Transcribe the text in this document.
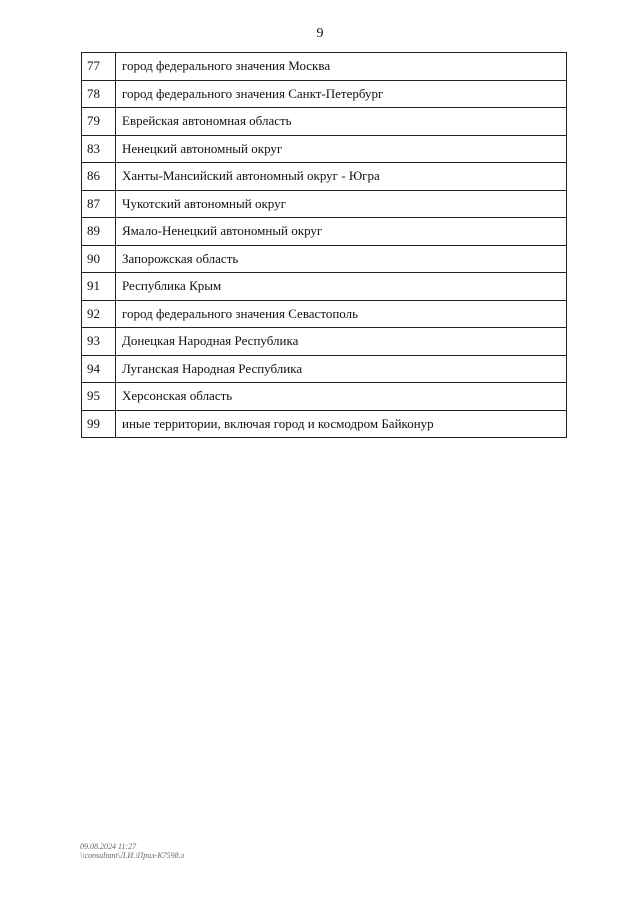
9
77	город федерального значения Москва
78	город федерального значения Санкт-Петербург
79	Еврейская автономная область
83	Ненецкий автономный округ
86	Ханты-Мансийский автономный округ - Югра
87	Чукотский автономный округ
89	Ямало-Ненецкий автономный округ
90	Запорожская область
91	Республика Крым
92	город федерального значения Севастополь
93	Донецкая Народная Республика
94	Луганская Народная Республика
95	Херсонская область
99	иные территории, включая город и космодром Байконур
09.08.2024 11:27
\\consultant\Л.И.\Прил-К7598.л
